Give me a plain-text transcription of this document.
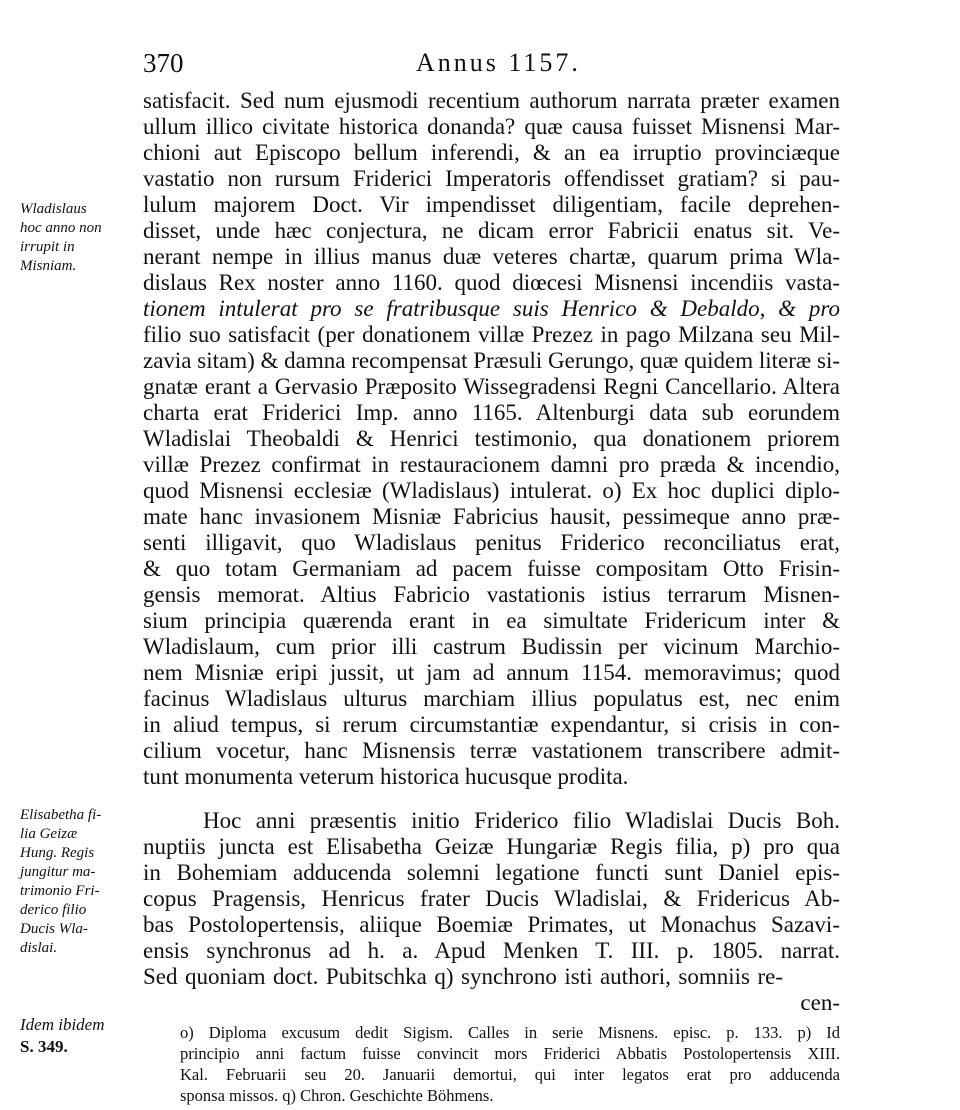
370	Annus 1157.
satisfacit. Sed num ejusmodi recentium authorum narrata præter examen
ullum illico civitate historica donanda? quæ causa fuisset Misnensi Mar-
chioni aut Episcopo bellum inferendi, & an ea irruptio provinciæque
vastatio non rursum Friderici Imperatoris offendisset gratiam? si pau-
lulum majorem Doct. Vir impendisset diligentiam, facile deprehen-
disset, unde hæc conjectura, ne dicam error Fabricii enatus sit. Ve-
nerant nempe in illius manus duæ veteres chartæ, quarum prima Wla-
dislaus Rex noster anno 1160. quod diœcesi Misnensi incendiis vasta-
tionem intulerat pro se fratribusque suis Henrico & Debaldo, & pro
filio suo satisfacit (per donationem villæ Prezez in pago Milzana seu Mil-
zavia sitam) & damna recompensat Præsuli Gerungo, quæ quidem literæ si-
gnatæ erant a Gervasio Præposito Wissegradensi Regni Cancellario. Altera
charta erat Friderici Imp. anno 1165. Altenburgi data sub eorundem
Wladislai Theobaldi & Henrici testimonio, qua donationem priorem
villæ Prezez confirmat in restauracionem damni pro præda & incendio,
quod Misnensi ecclesiæ (Wladislaus) intulerat. o) Ex hoc duplici diplo-
mate hanc invasionem Misniæ Fabricius hausit, pessimeque anno præ-
senti illigavit, quo Wladislaus penitus Friderico reconciliatus erat,
& quo totam Germaniam ad pacem fuisse compositam Otto Frisin-
gensis memorat. Altius Fabricio vastationis istius terrarum Misnen-
sium principia quærenda erant in ea simultate Fridericum inter &
Wladislaum, cum prior illi castrum Budissin per vicinum Marchio-
nem Misniæ eripi jussit, ut jam ad annum 1154. memoravimus; quod
facinus Wladislaus ulturus marchiam illius populatus est, nec enim
in aliud tempus, si rerum circumstantiæ expendantur, si crisis in con-
cilium vocetur, hanc Misnensis terræ vastationem transcribere admit-
tunt monumenta veterum historica hucusque prodita.
Hoc anni præsentis initio Friderico filio Wladislai Ducis Boh.
nuptiis juncta est Elisabetha Geizæ Hungariæ Regis filia, p) pro qua
in Bohemiam adducenda solemni legatione functi sunt Daniel epis-
copus Pragensis, Henricus frater Ducis Wladislai, & Fridericus Ab-
bas Postolopertensis, aliique Boemiæ Primates, ut Monachus Sazavi-
ensis synchronus ad h. a. Apud Menken T. III. p. 1805. narrat.
Sed quoniam doct. Pubitschka q) synchrono isti authori, somniis re-
cen-
Wladislaus
hoc anno non
irrupit in
Misniam.
Elisabetha fi-
lia Geizæ
Hung. Regis
jungitur ma-
trimonio Fri-
derico filio
Ducis Wla-
dislai.
Idem ibidem
S. 349.
o) Diploma excusum dedit Sigism. Calles in serie Misnens. episc. p. 133. p) Id
principio anni factum fuisse convincit mors Friderici Abbatis Postolopertensis XIII.
Kal. Februarii seu 20. Januarii demortui, qui inter legatos erat pro adducenda
sponsa missos. q) Chron. Geschichte Böhmens.
